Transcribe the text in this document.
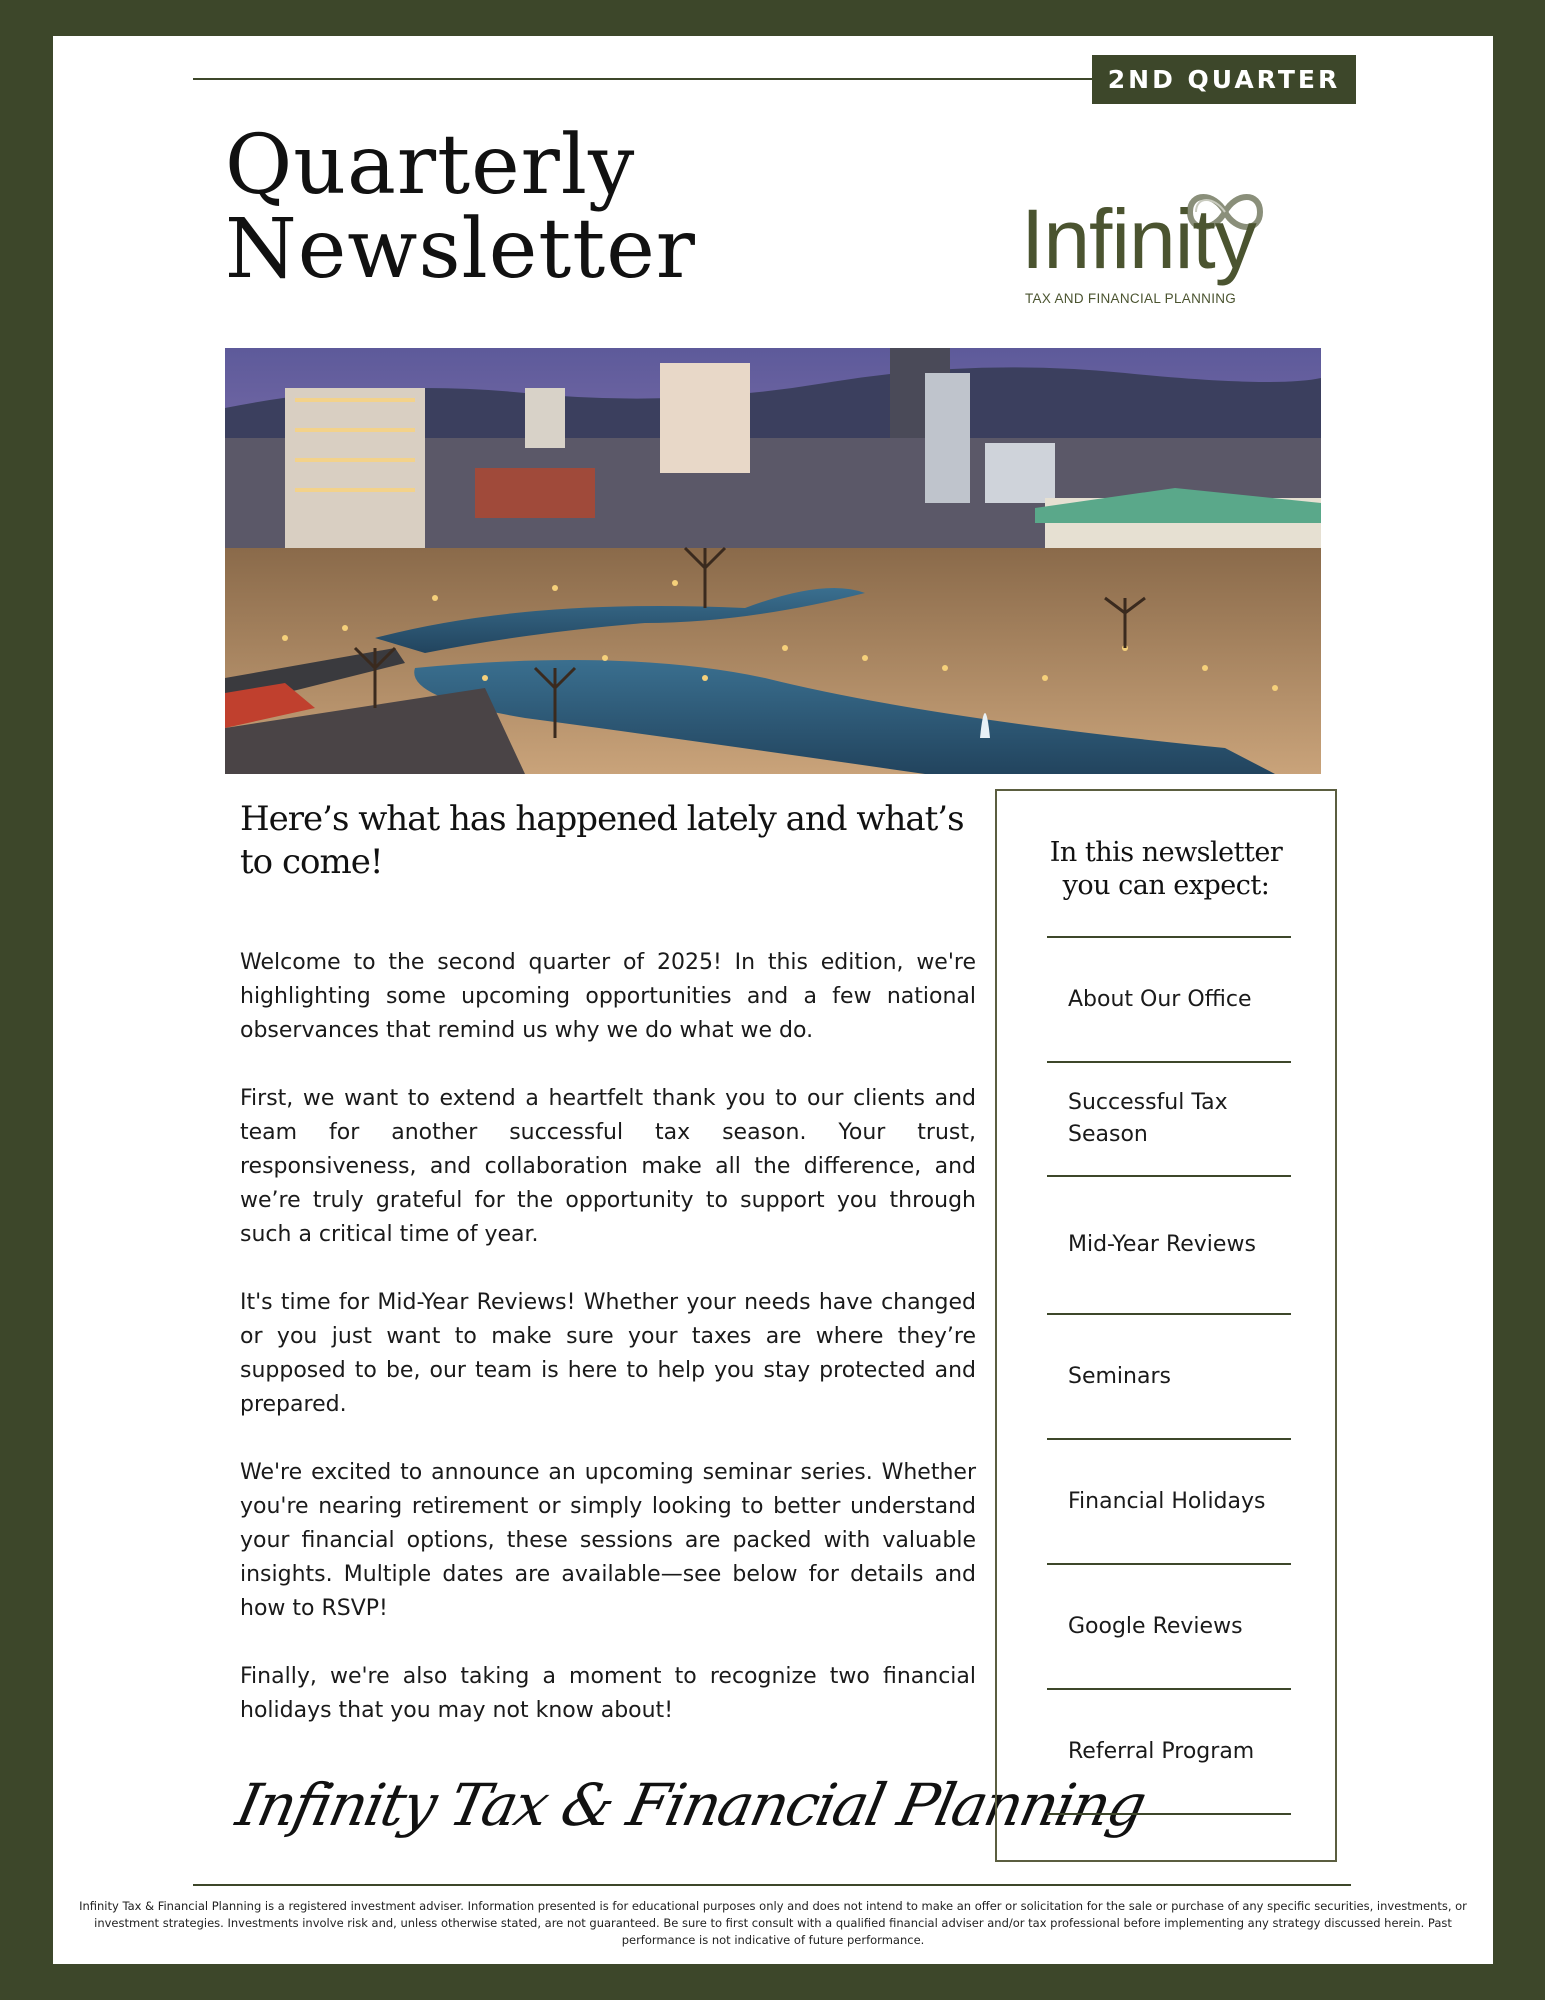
2ND QUARTER
Quarterly
Newsletter	Infinity
TAX AND FINANCIAL PLANNING
Here’s what has happened lately and what’s to come!

Welcome to the second quarter of 2025! In this edition, we're highlighting some upcoming opportunities and a few national observances that remind us why we do what we do.

First, we want to extend a heartfelt thank you to our clients and team for another successful tax season. Your trust, responsiveness, and collaboration make all the difference, and we’re truly grateful for the opportunity to support you through such a critical time of year.

It's time for Mid-Year Reviews! Whether your needs have changed or you just want to make sure your taxes are where they’re supposed to be, our team is here to help you stay protected and prepared.

We're excited to announce an upcoming seminar series. Whether you're nearing retirement or simply looking to better understand your financial options, these sessions are packed with valuable insights. Multiple dates are available—see below for details and how to RSVP!

Finally, we're also taking a moment to recognize two financial holidays that you may not know about!

Infinity Tax & Financial Planning
In this newsletter
you can expect:
About Our Office
Successful Tax Season
Mid-Year Reviews
Seminars
Financial Holidays
Google Reviews
Referral Program
Infinity Tax & Financial Planning is a registered investment adviser. Information presented is for educational purposes only and does not intend to make an offer or solicitation for the sale or purchase of any specific securities, investments, or investment strategies. Investments involve risk and, unless otherwise stated, are not guaranteed. Be sure to first consult with a qualified financial adviser and/or tax professional before implementing any strategy discussed herein. Past performance is not indicative of future performance.
